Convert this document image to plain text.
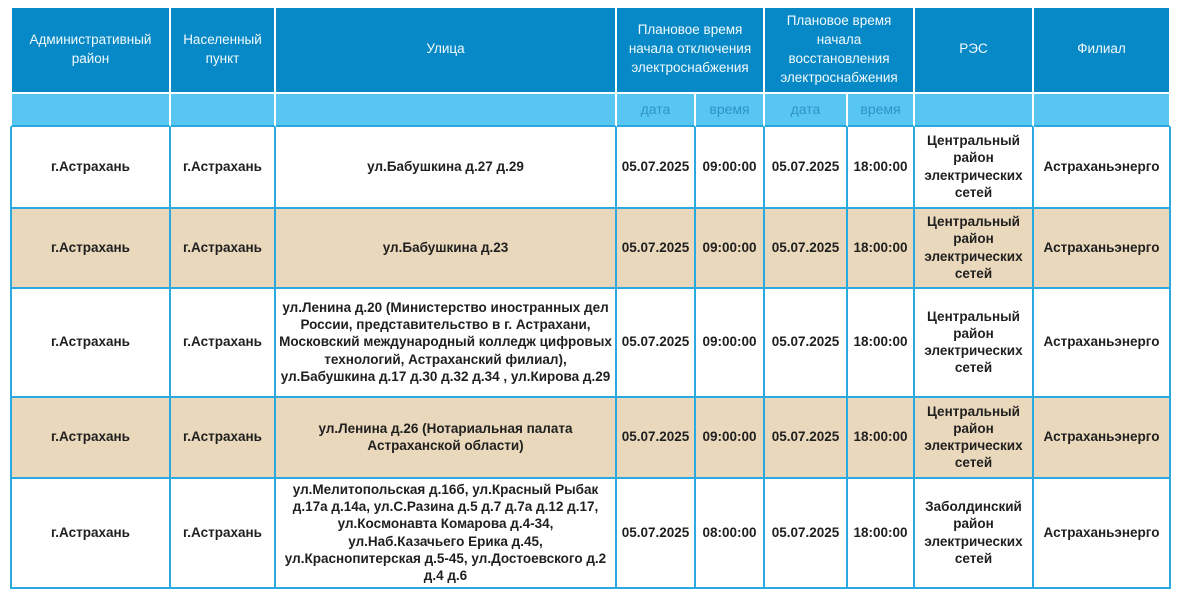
Административный район	Населенный пункт	Улица	Плановое время начала отключения электроснабжения		Плановое время начала восстановления электроснабжения		РЭС	Филиал
			дата	время	дата	время		
г.Астрахань	г.Астрахань	ул.Бабушкина д.27 д.29	05.07.2025	09:00:00	05.07.2025	18:00:00	Центральный район электрических сетей	Астраханьэнерго
г.Астрахань	г.Астрахань	ул.Бабушкина д.23	05.07.2025	09:00:00	05.07.2025	18:00:00	Центральный район электрических сетей	Астраханьэнерго
г.Астрахань	г.Астрахань	ул.Ленина д.20 (Министерство иностранных дел России, представительство в г. Астрахани, Московский международный колледж цифровых технологий, Астраханский филиал), ул.Бабушкина д.17 д.30 д.32 д.34 , ул.Кирова д.29	05.07.2025	09:00:00	05.07.2025	18:00:00	Центральный район электрических сетей	Астраханьэнерго
г.Астрахань	г.Астрахань	ул.Ленина д.26 (Нотариальная палата Астраханской области)	05.07.2025	09:00:00	05.07.2025	18:00:00	Центральный район электрических сетей	Астраханьэнерго
г.Астрахань	г.Астрахань	ул.Мелитопольская д.16б, ул.Красный Рыбак д.17а д.14а, ул.С.Разина д.5 д.7 д.7а д.12 д.17, ул.Космонавта Комарова д.4-34, ул.Наб.Казачьего Ерика д.45, ул.Краснопитерская д.5-45, ул.Достоевского д.2 д.4 д.6	05.07.2025	08:00:00	05.07.2025	18:00:00	Заболдинский район электрических сетей	Астраханьэнерго
